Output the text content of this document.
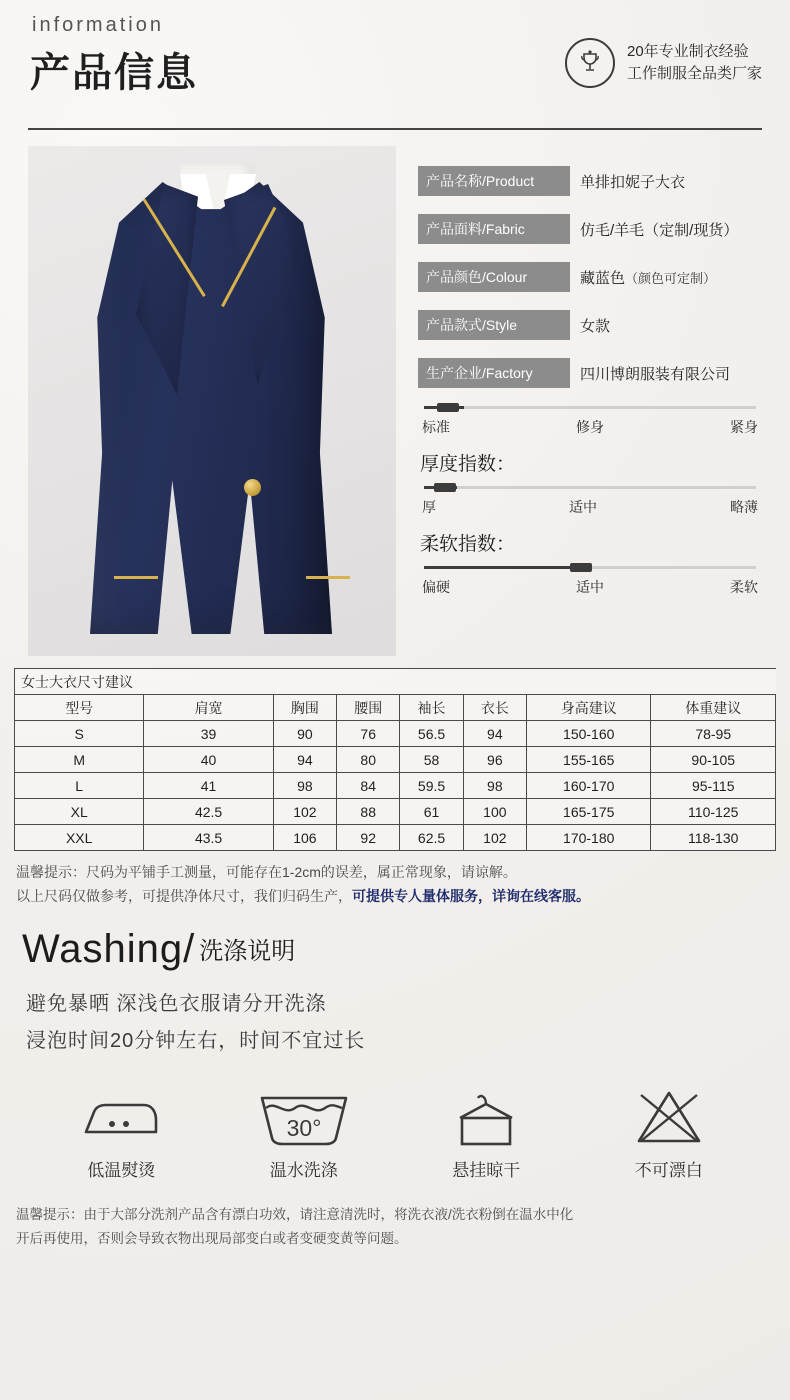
information
产品信息	20年专业制衣经验
工作制服全品类厂家
产品名称/Product	单排扣妮子大衣
产品面料/Fabric	仿毛/羊毛（定制/现货）
产品颜色/Colour	藏蓝色（颜色可定制）
产品款式/Style	女款
生产企业/Factory	四川博朗服装有限公司
标准	修身	紧身
厚度指数：
厚	适中	略薄
柔软指数：
偏硬	适中	柔软
女士大衣尺寸建议							
型号	肩宽	胸围	腰围	袖长	衣长	身高建议	体重建议
S	39	90	76	56.5	94	150-160	78-95
M	40	94	80	58	96	155-165	90-105
L	41	98	84	59.5	98	160-170	95-115
XL	42.5	102	88	61	100	165-175	110-125
XXL	43.5	106	92	62.5	102	170-180	118-130
温馨提示：尺码为平铺手工测量，可能存在1-2cm的误差，属正常现象，请谅解。
以上尺码仅做参考，可提供净体尺寸，我们归码生产，可提供专人量体服务，详询在线客服。
Washing/ 洗涤说明
避免暴晒 深浅色衣服请分开洗涤
浸泡时间20分钟左右，时间不宜过长
低温熨烫
30°
温水洗涤	悬挂晾干	不可漂白
温馨提示：由于大部分洗剂产品含有漂白功效，请注意清洗时，将洗衣液/洗衣粉倒在温水中化
开后再使用，否则会导致衣物出现局部变白或者变硬变黄等问题。
